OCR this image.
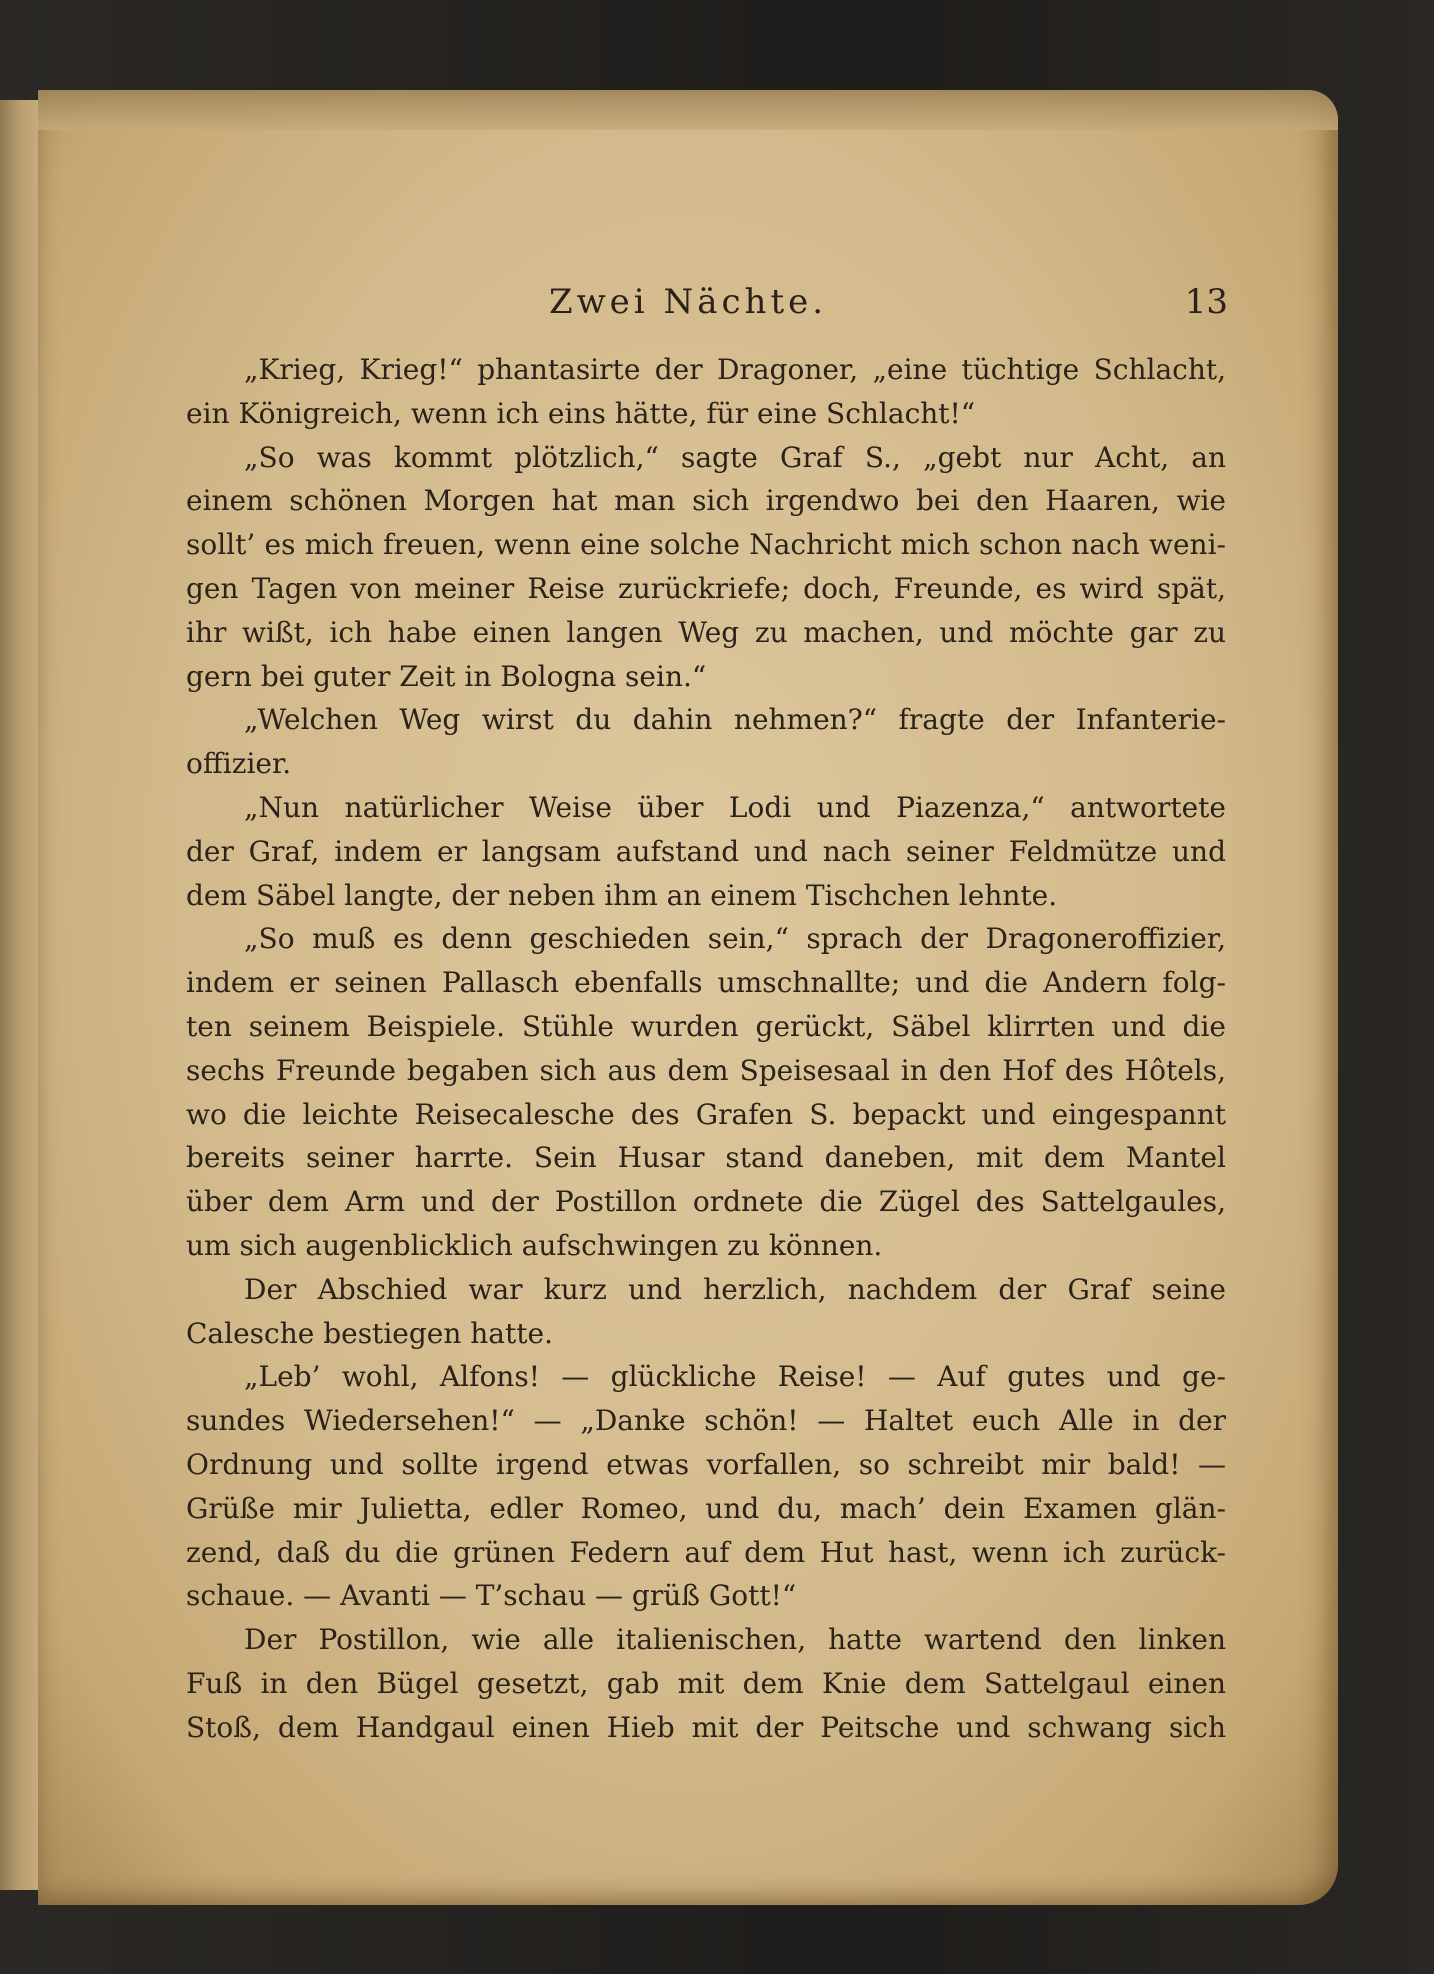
Zwei Nächte.	13
„Krieg, Krieg!“ phantasirte der Dragoner, „eine tüchtige Schlacht,
ein Königreich, wenn ich eins hätte, für eine Schlacht!“
„So was kommt plötzlich,“ sagte Graf S., „gebt nur Acht, an
einem schönen Morgen hat man sich irgendwo bei den Haaren, wie
sollt’ es mich freuen, wenn eine solche Nachricht mich schon nach weni-
gen Tagen von meiner Reise zurückriefe; doch, Freunde, es wird spät,
ihr wißt, ich habe einen langen Weg zu machen, und möchte gar zu
gern bei guter Zeit in Bologna sein.“
„Welchen Weg wirst du dahin nehmen?“ fragte der Infanterie-
offizier.
„Nun natürlicher Weise über Lodi und Piazenza,“ antwortete
der Graf, indem er langsam aufstand und nach seiner Feldmütze und
dem Säbel langte, der neben ihm an einem Tischchen lehnte.
„So muß es denn geschieden sein,“ sprach der Dragoneroffizier,
indem er seinen Pallasch ebenfalls umschnallte; und die Andern folg-
ten seinem Beispiele. Stühle wurden gerückt, Säbel klirrten und die
sechs Freunde begaben sich aus dem Speisesaal in den Hof des Hôtels,
wo die leichte Reisecalesche des Grafen S. bepackt und eingespannt
bereits seiner harrte. Sein Husar stand daneben, mit dem Mantel
über dem Arm und der Postillon ordnete die Zügel des Sattelgaules,
um sich augenblicklich aufschwingen zu können.
Der Abschied war kurz und herzlich, nachdem der Graf seine
Calesche bestiegen hatte.
„Leb’ wohl, Alfons! — glückliche Reise! — Auf gutes und ge-
sundes Wiedersehen!“ — „Danke schön! — Haltet euch Alle in der
Ordnung und sollte irgend etwas vorfallen, so schreibt mir bald! —
Grüße mir Julietta, edler Romeo, und du, mach’ dein Examen glän-
zend, daß du die grünen Federn auf dem Hut hast, wenn ich zurück-
schaue. — Avanti — T’schau — grüß Gott!“
Der Postillon, wie alle italienischen, hatte wartend den linken
Fuß in den Bügel gesetzt, gab mit dem Knie dem Sattelgaul einen
Stoß, dem Handgaul einen Hieb mit der Peitsche und schwang sich
